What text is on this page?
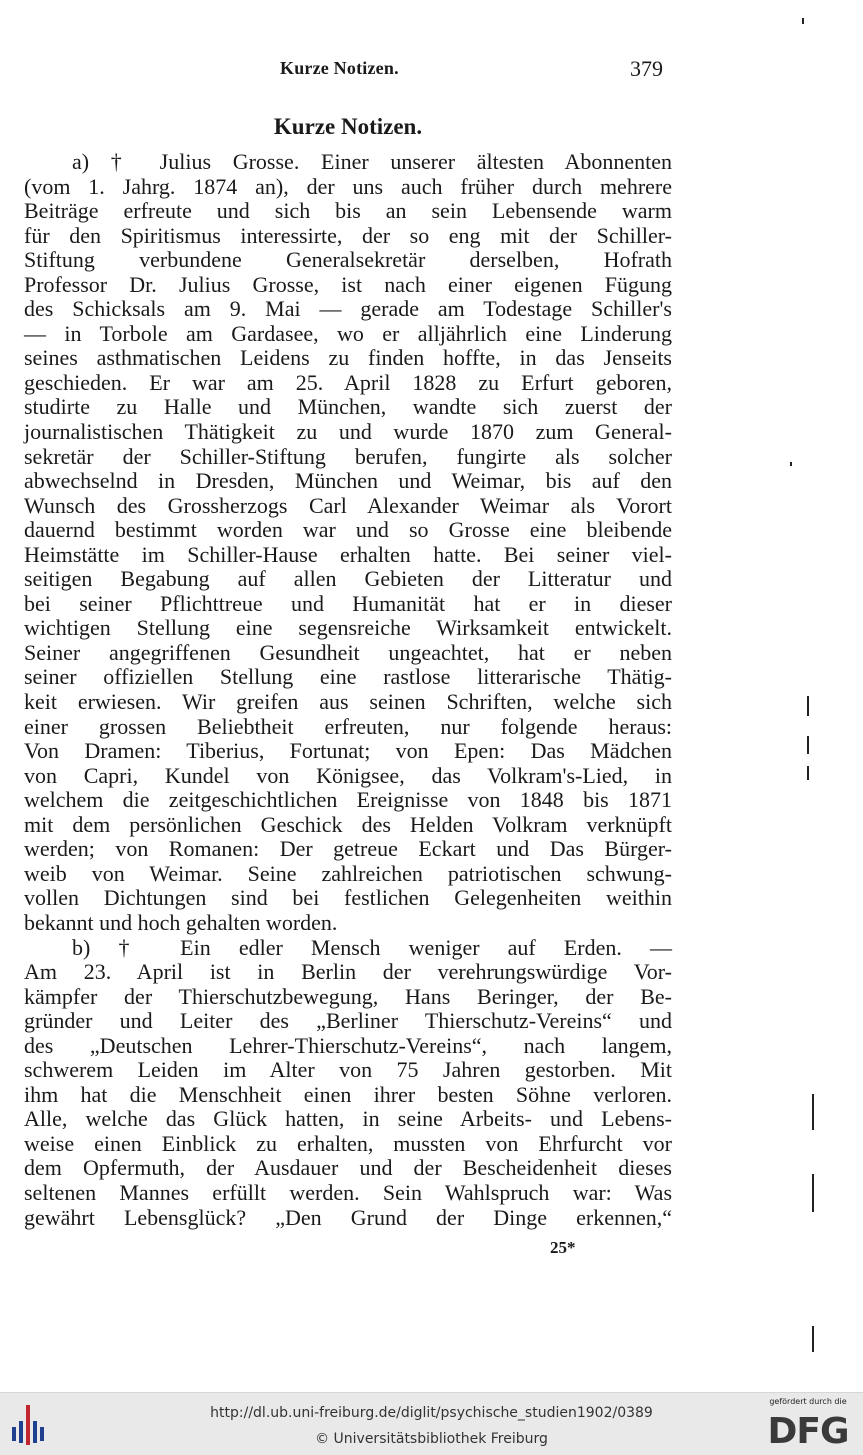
Kurze Notizen.	379
Kurze Notizen.
a) † Julius Grosse. Einer unserer ältesten Abonnenten
(vom 1. Jahrg. 1874 an), der uns auch früher durch mehrere
Beiträge erfreute und sich bis an sein Lebensende warm
für den Spiritismus interessirte, der so eng mit der Schiller-
Stiftung verbundene Generalsekretär derselben, Hofrath
Professor Dr. Julius Grosse, ist nach einer eigenen Fügung
des Schicksals am 9. Mai — gerade am Todestage Schiller's
— in Torbole am Gardasee, wo er alljährlich eine Linderung
seines asthmatischen Leidens zu finden hoffte, in das Jenseits
geschieden. Er war am 25. April 1828 zu Erfurt geboren,
studirte zu Halle und München, wandte sich zuerst der
journalistischen Thätigkeit zu und wurde 1870 zum General-
sekretär der Schiller-Stiftung berufen, fungirte als solcher
abwechselnd in Dresden, München und Weimar, bis auf den
Wunsch des Grossherzogs Carl Alexander Weimar als Vorort
dauernd bestimmt worden war und so Grosse eine bleibende
Heimstätte im Schiller-Hause erhalten hatte. Bei seiner viel-
seitigen Begabung auf allen Gebieten der Litteratur und
bei seiner Pflichttreue und Humanität hat er in dieser
wichtigen Stellung eine segensreiche Wirksamkeit entwickelt.
Seiner angegriffenen Gesundheit ungeachtet, hat er neben
seiner offiziellen Stellung eine rastlose litterarische Thätig-
keit erwiesen. Wir greifen aus seinen Schriften, welche sich
einer grossen Beliebtheit erfreuten, nur folgende heraus:
Von Dramen: Tiberius, Fortunat; von Epen: Das Mädchen
von Capri, Kundel von Königsee, das Volkram's-Lied, in
welchem die zeitgeschichtlichen Ereignisse von 1848 bis 1871
mit dem persönlichen Geschick des Helden Volkram verknüpft
werden; von Romanen: Der getreue Eckart und Das Bürger-
weib von Weimar. Seine zahlreichen patriotischen schwung-
vollen Dichtungen sind bei festlichen Gelegenheiten weithin
bekannt und hoch gehalten worden.
b) † Ein edler Mensch weniger auf Erden. —
Am 23. April ist in Berlin der verehrungswürdige Vor-
kämpfer der Thierschutzbewegung, Hans Beringer, der Be-
gründer und Leiter des „Berliner Thierschutz-Vereins“ und
des „Deutschen Lehrer-Thierschutz-Vereins“, nach langem,
schwerem Leiden im Alter von 75 Jahren gestorben. Mit
ihm hat die Menschheit einen ihrer besten Söhne verloren.
Alle, welche das Glück hatten, in seine Arbeits- und Lebens-
weise einen Einblick zu erhalten, mussten von Ehrfurcht vor
dem Opfermuth, der Ausdauer und der Bescheidenheit dieses
seltenen Mannes erfüllt werden. Sein Wahlspruch war: Was
gewährt Lebensglück? „Den Grund der Dinge erkennen,“
25*
http://dl.ub.uni-freiburg.de/diglit/psychische_studien1902/0389
© Universitätsbibliothek Freiburg
gefördert durch die
DFG
